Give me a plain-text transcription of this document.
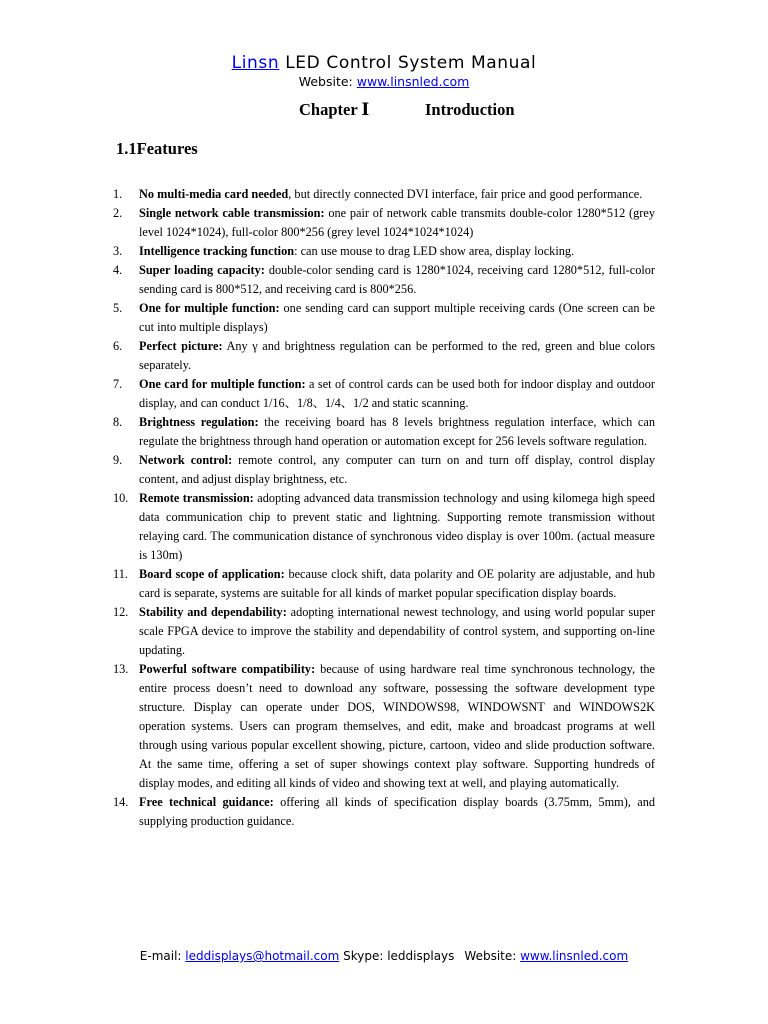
Linsn LED Control System Manual
Website: www.linsnled.com
Chapter Ⅰ	Introduction
1.1Features
1.	No multi-media card needed, but directly connected DVI interface, fair price and good performance.
2.	Single network cable transmission: one pair of network cable transmits double-color 1280*512 (grey level 1024*1024), full-color 800*256 (grey level 1024*1024*1024)
3.	Intelligence tracking function: can use mouse to drag LED show area, display locking.
4.	Super loading capacity: double-color sending card is 1280*1024, receiving card 1280*512, full-color sending card is 800*512, and receiving card is 800*256.
5.	One for multiple function: one sending card can support multiple receiving cards (One screen can be cut into multiple displays)
6.	Perfect picture: Any γ and brightness regulation can be performed to the red, green and blue colors separately.
7.	One card for multiple function: a set of control cards can be used both for indoor display and outdoor display, and can conduct 1/16、1/8、1/4、1/2 and static scanning.
8.	Brightness regulation: the receiving board has 8 levels brightness regulation interface, which can regulate the brightness through hand operation or automation except for 256 levels software regulation.
9.	Network control: remote control, any computer can turn on and turn off display, control display content, and adjust display brightness, etc.
10. Remote transmission: adopting advanced data transmission technology and using kilomega high speed data communication chip to prevent static and lightning. Supporting remote transmission without relaying card. The communication distance of synchronous video display is over 100m. (actual measure is 130m)
11. Board scope of application: because clock shift, data polarity and OE polarity are adjustable, and hub card is separate, systems are suitable for all kinds of market popular specification display boards.
12. Stability and dependability: adopting international newest technology, and using world popular super scale FPGA device to improve the stability and dependability of control system, and supporting on-line updating.
13. Powerful software compatibility: because of using hardware real time synchronous technology, the entire process doesn’t need to download any software, possessing the software development type structure. Display can operate under DOS, WINDOWS98, WINDOWSNT and WINDOWS2K operation systems. Users can program themselves, and edit, make and broadcast programs at well through using various popular excellent showing, picture, cartoon, video and slide production software. At the same time, offering a set of super showings context play software. Supporting hundreds of display modes, and editing all kinds of video and showing text at well, and playing automatically.
14. Free technical guidance: offering all kinds of specification display boards (3.75mm, 5mm), and supplying production guidance.
E-mail: leddisplays@hotmail.com Skype: leddisplays Website: www.linsnled.com
